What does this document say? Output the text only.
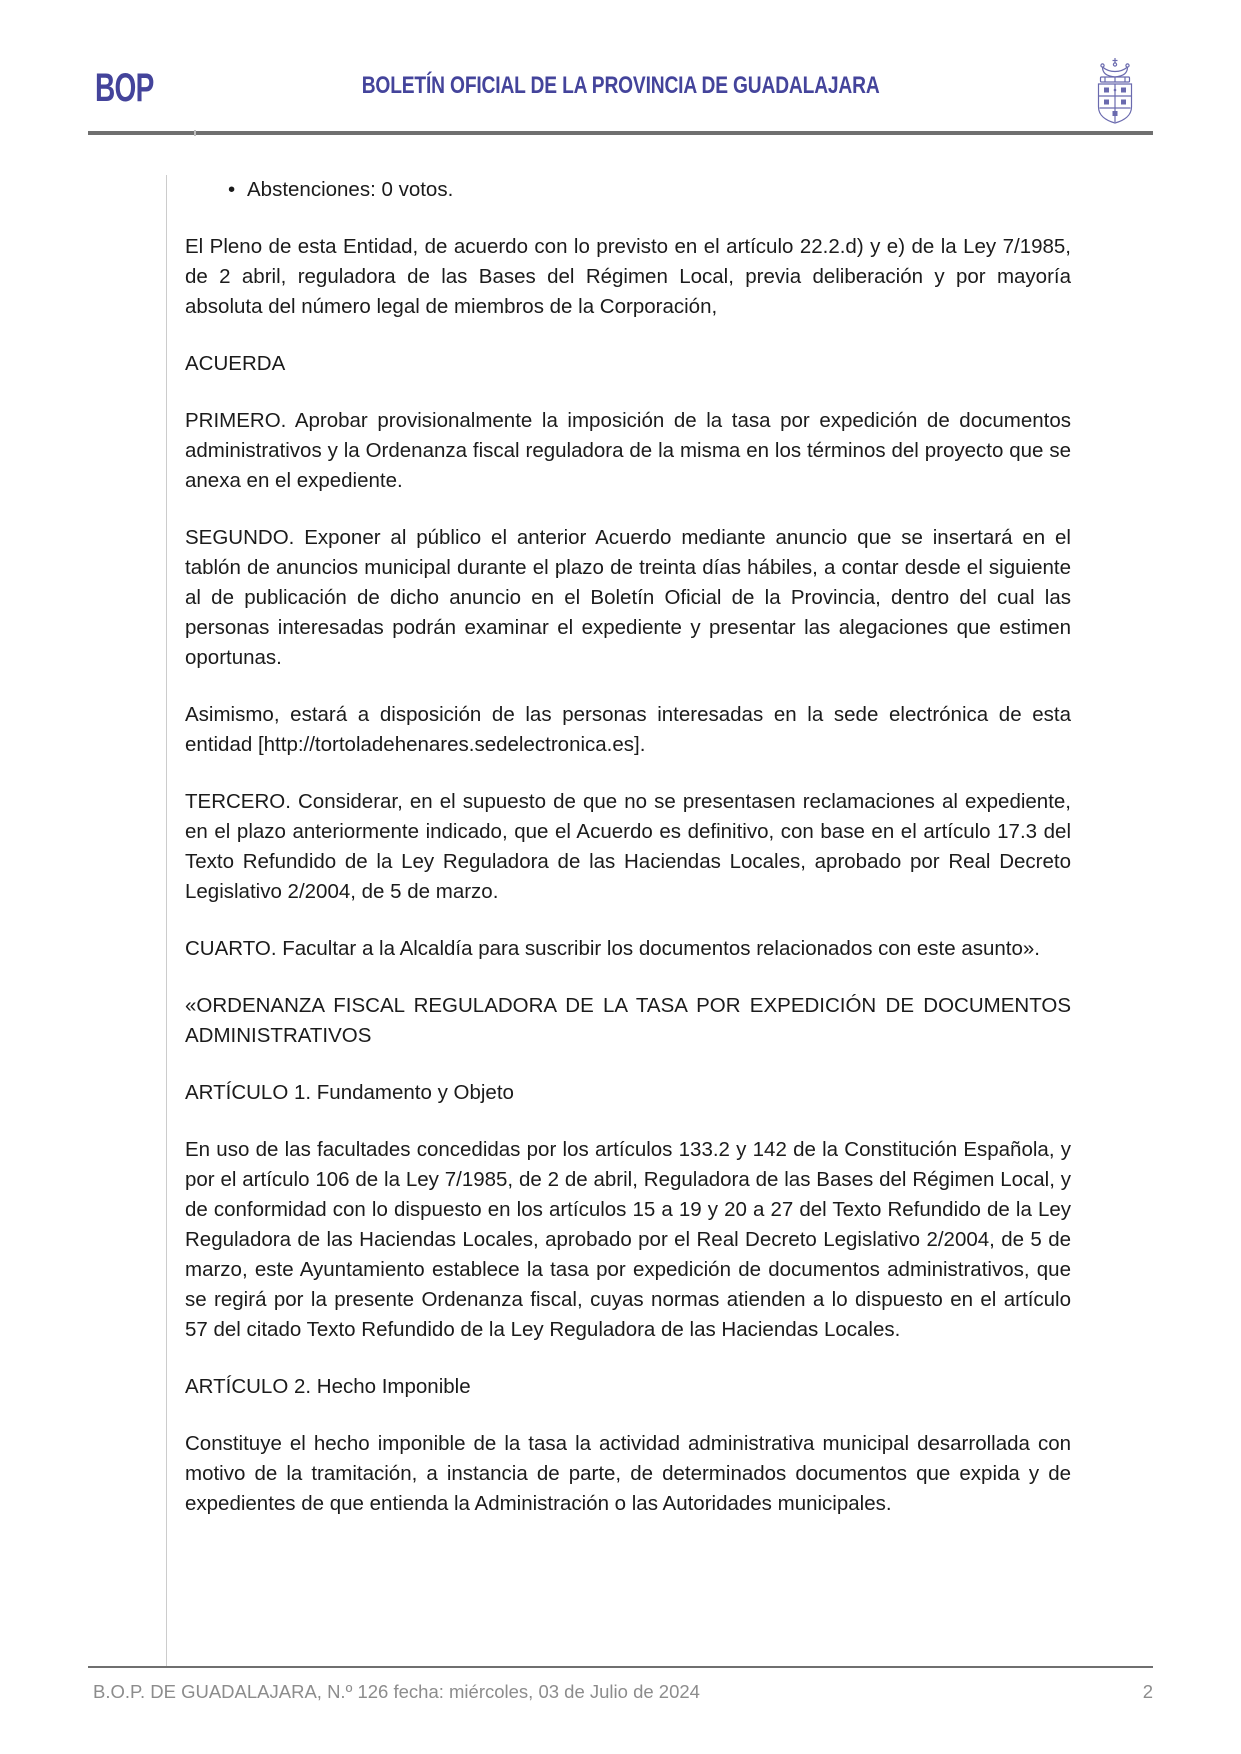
BOP	BOLETÍN OFICIAL DE LA PROVINCIA DE GUADALAJARA
• Abstenciones: 0 votos.

El Pleno de esta Entidad, de acuerdo con lo previsto en el artículo 22.2.d) y e) de la Ley 7/1985, de 2 abril, reguladora de las Bases del Régimen Local, previa deliberación y por mayoría absoluta del número legal de miembros de la Corporación,

ACUERDA

PRIMERO. Aprobar provisionalmente la imposición de la tasa por expedición de documentos administrativos y la Ordenanza fiscal reguladora de la misma en los términos del proyecto que se anexa en el expediente.

SEGUNDO. Exponer al público el anterior Acuerdo mediante anuncio que se insertará en el tablón de anuncios municipal durante el plazo de treinta días hábiles, a contar desde el siguiente al de publicación de dicho anuncio en el Boletín Oficial de la Provincia, dentro del cual las personas interesadas podrán examinar el expediente y presentar las alegaciones que estimen oportunas.

Asimismo, estará a disposición de las personas interesadas en la sede electrónica de esta entidad [http://tortoladehenares.sedelectronica.es].

TERCERO. Considerar, en el supuesto de que no se presentasen reclamaciones al expediente, en el plazo anteriormente indicado, que el Acuerdo es definitivo, con base en el artículo 17.3 del Texto Refundido de la Ley Reguladora de las Haciendas Locales, aprobado por Real Decreto Legislativo 2/2004, de 5 de marzo.

CUARTO. Facultar a la Alcaldía para suscribir los documentos relacionados con este asunto».

«ORDENANZA FISCAL REGULADORA DE LA TASA POR EXPEDICIÓN DE DOCUMENTOS ADMINISTRATIVOS

ARTÍCULO 1. Fundamento y Objeto

En uso de las facultades concedidas por los artículos 133.2 y 142 de la Constitución Española, y por el artículo 106 de la Ley 7/1985, de 2 de abril, Reguladora de las Bases del Régimen Local, y de conformidad con lo dispuesto en los artículos 15 a 19 y 20 a 27 del Texto Refundido de la Ley Reguladora de las Haciendas Locales, aprobado por el Real Decreto Legislativo 2/2004, de 5 de marzo, este Ayuntamiento establece la tasa por expedición de documentos administrativos, que se regirá por la presente Ordenanza fiscal, cuyas normas atienden a lo dispuesto en el artículo 57 del citado Texto Refundido de la Ley Reguladora de las Haciendas Locales.

ARTÍCULO 2. Hecho Imponible

Constituye el hecho imponible de la tasa la actividad administrativa municipal desarrollada con motivo de la tramitación, a instancia de parte, de determinados documentos que expida y de expedientes de que entienda la Administración o las Autoridades municipales.

B.O.P. DE GUADALAJARA, N.º 126 fecha: miércoles, 03 de Julio de 2024	2
